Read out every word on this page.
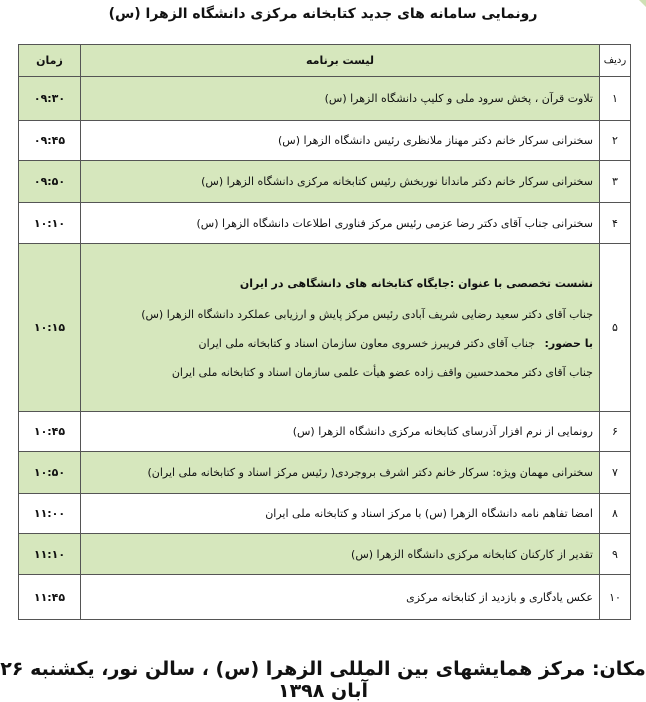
رونمایی سامانه های جدید کتابخانه مرکزی دانشگاه الزهرا (س)
ردیف	لیست برنامه	زمان
۱	تلاوت قرآن ، پخش سرود ملی و کلیپ دانشگاه الزهرا (س)	۰۹:۳۰
۲	سخنرانی سرکار خانم دکتر مهناز ملانظری رئیس دانشگاه الزهرا (س)	۰۹:۴۵
۳	سخنرانی سرکار خانم دکتر ماندانا نوربخش رئیس کتابخانه مرکزی دانشگاه الزهرا (س)	۰۹:۵۰
۴	سخنرانی جناب آقای دکتر رضا عزمی رئیس مرکز فناوری اطلاعات دانشگاه الزهرا (س)	۱۰:۱۰
۵	نشست تخصصی با عنوان :جایگاه کتابخانه های دانشگاهی در ایران
جناب آقای دکتر سعید رضایی شریف آبادی رئیس مرکز پایش و ارزیابی عملکرد دانشگاه الزهرا (س)
با حضور: جناب آقای دکتر فریبرز خسروی معاون سازمان اسناد و کتابخانه ملی ایران
جناب آقای دکتر محمدحسین واقف زاده عضو هیأت علمی سازمان اسناد و کتابخانه ملی ایران	۱۰:۱۵
۶	رونمایی از نرم افزار آذرسای کتابخانه مرکزی دانشگاه الزهرا (س)	۱۰:۴۵
۷	سخنرانی مهمان ویژه: سرکار خانم دکتر اشرف بروجردی( رئیس مرکز اسناد و کتابخانه ملی ایران)	۱۰:۵۰
۸	امضا تفاهم نامه دانشگاه الزهرا (س) با مرکز اسناد و کتابخانه ملی ایران	۱۱:۰۰
۹	تقدیر از کارکنان کتابخانه مرکزی دانشگاه الزهرا (س)	۱۱:۱۰
۱۰	عکس یادگاری و بازدید از کتابخانه مرکزی	۱۱:۴۵
مکان: مرکز همایشهای بین المللی الزهرا (س) ، سالن نور، یکشنبه ۲۶ آبان ۱۳۹۸
